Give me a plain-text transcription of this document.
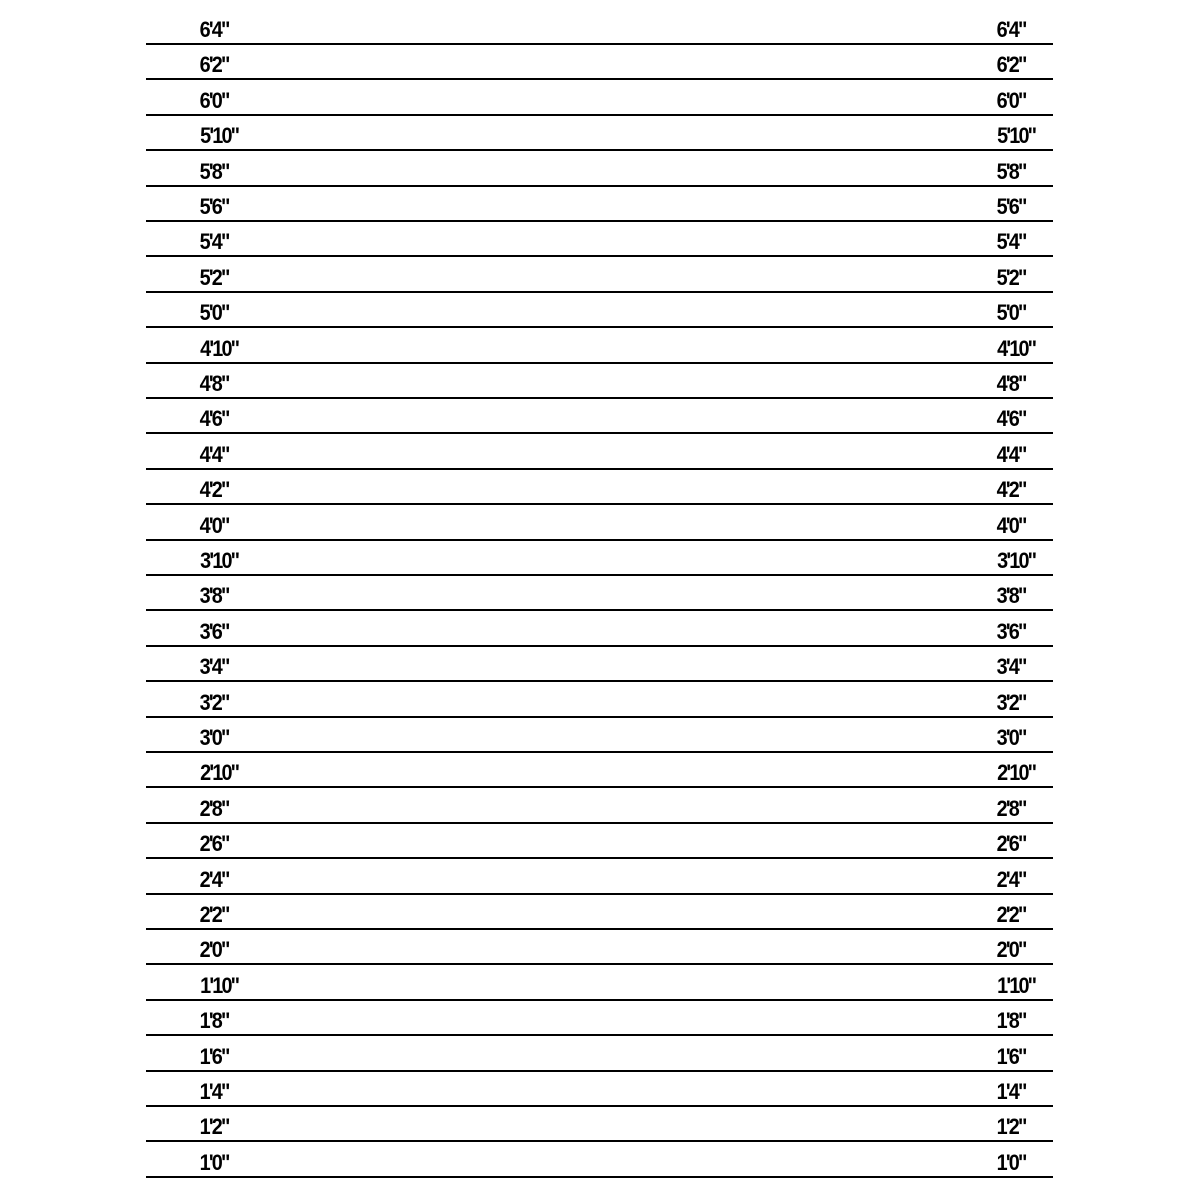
6'4"	6'4"
6'2"	6'2"
6'0"	6'0"
5'10"	5'10"
5'8"	5'8"
5'6"	5'6"
5'4"	5'4"
5'2"	5'2"
5'0"	5'0"
4'10"	4'10"
4'8"	4'8"
4'6"	4'6"
4'4"	4'4"
4'2"	4'2"
4'0"	4'0"
3'10"	3'10"
3'8"	3'8"
3'6"	3'6"
3'4"	3'4"
3'2"	3'2"
3'0"	3'0"
2'10"	2'10"
2'8"	2'8"
2'6"	2'6"
2'4"	2'4"
2'2"	2'2"
2'0"	2'0"
1'10"	1'10"
1'8"	1'8"
1'6"	1'6"
1'4"	1'4"
1'2"	1'2"
1'0"	1'0"
